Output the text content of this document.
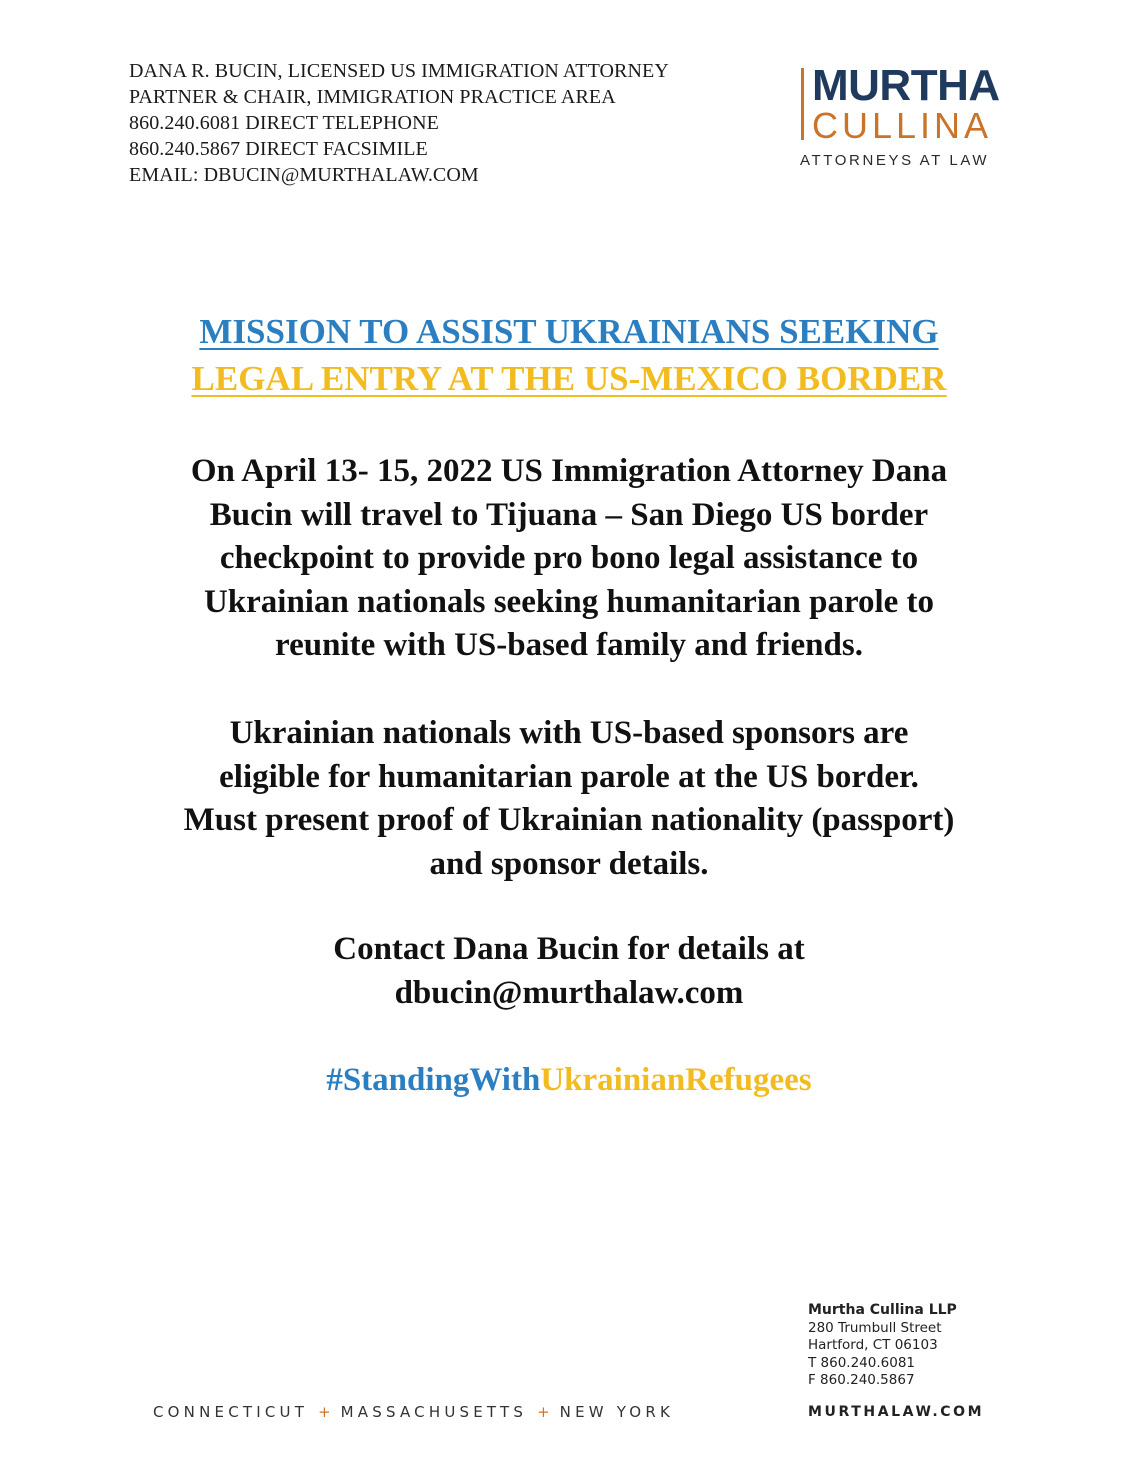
DANA R. BUCIN, LICENSED US IMMIGRATION ATTORNEY
PARTNER & CHAIR, IMMIGRATION PRACTICE AREA
860.240.6081 DIRECT TELEPHONE
860.240.5867 DIRECT FACSIMILE
EMAIL: DBUCIN@MURTHALAW.COM
MURTHA
CULLINA
ATTORNEYS AT LAW
MISSION TO ASSIST UKRAINIANS SEEKING
LEGAL ENTRY AT THE US-MEXICO BORDER
On April 13- 15, 2022 US Immigration Attorney Dana
Bucin will travel to Tijuana – San Diego US border
checkpoint to provide pro bono legal assistance to
Ukrainian nationals seeking humanitarian parole to
reunite with US-based family and friends.
Ukrainian nationals with US-based sponsors are
eligible for humanitarian parole at the US border.
Must present proof of Ukrainian nationality (passport)
and sponsor details.
Contact Dana Bucin for details at
dbucin@murthalaw.com
#StandingWithUkrainianRefugees
Murtha Cullina LLP
280 Trumbull Street
Hartford, CT 06103
T 860.240.6081
F 860.240.5867
CONNECTICUT + MASSACHUSETTS + NEW YORK	MURTHALAW.COM
